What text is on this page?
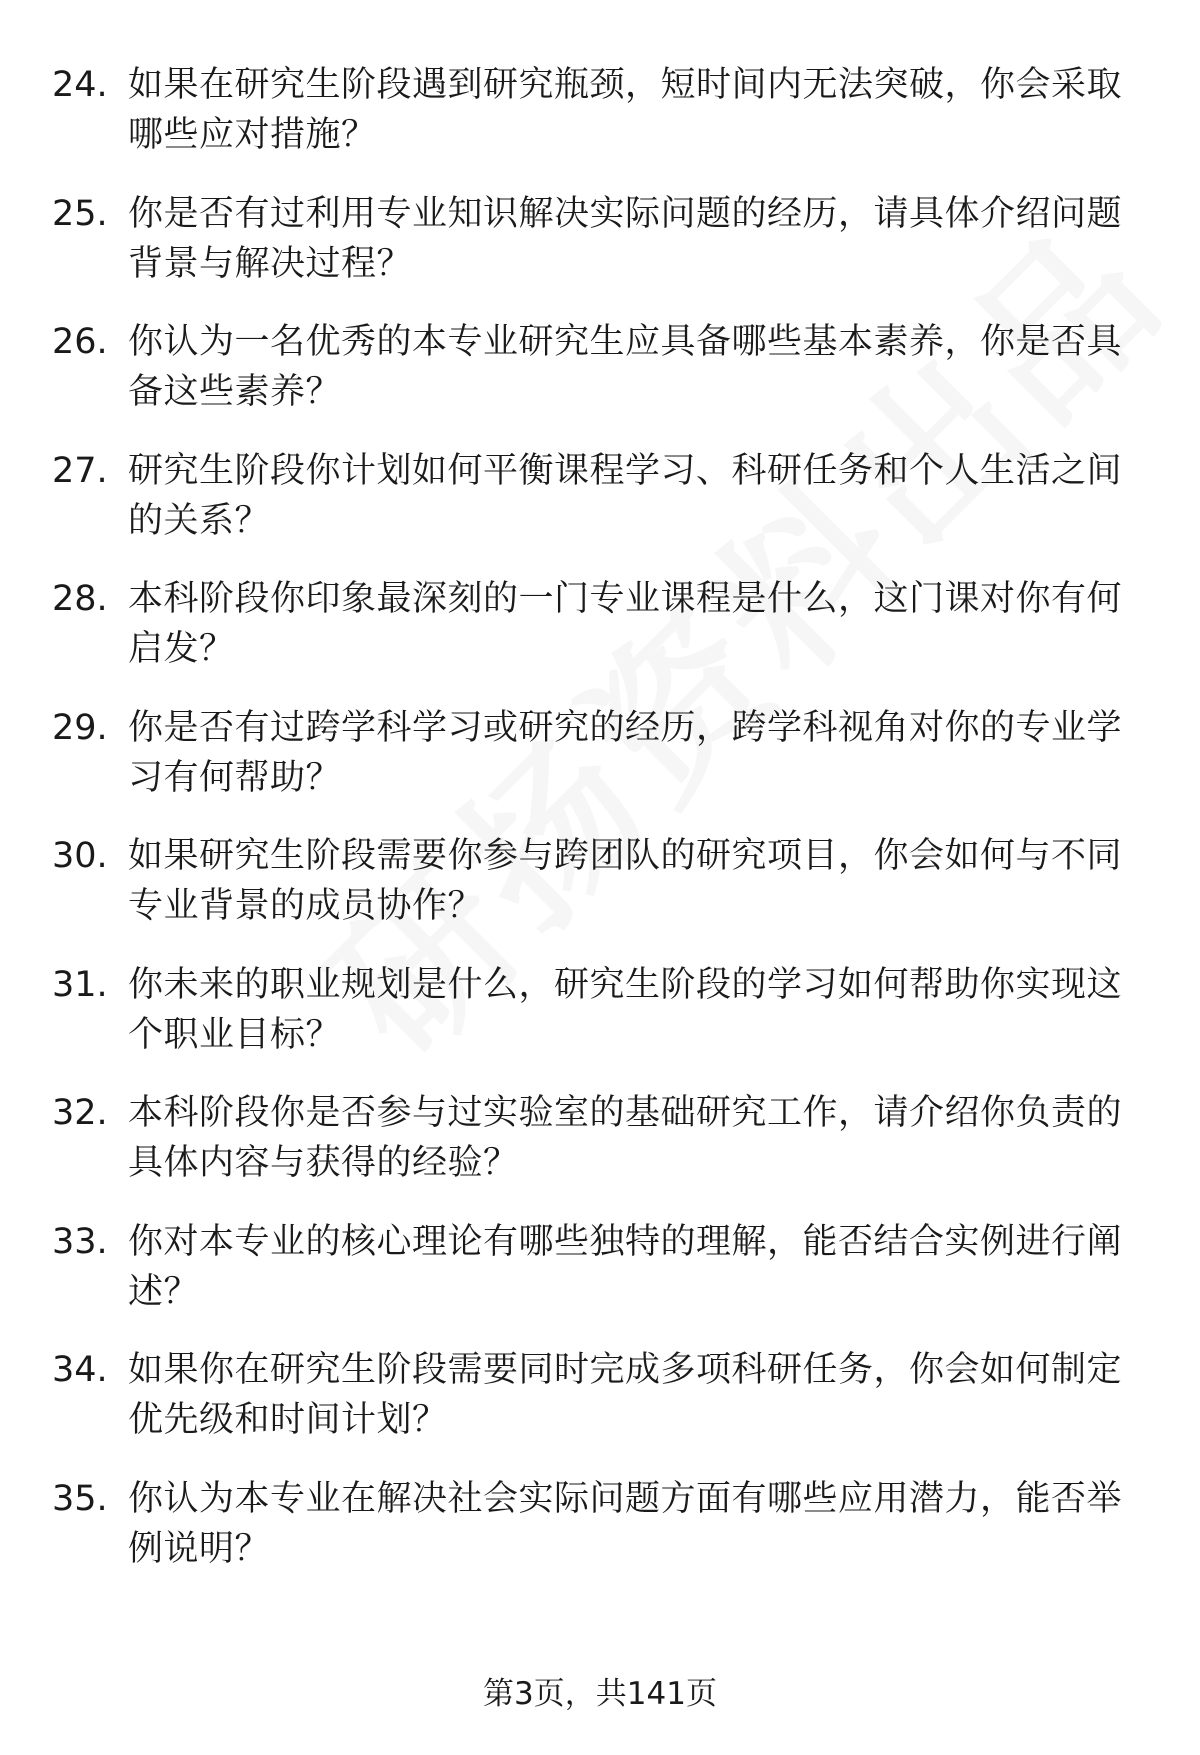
24. 如果在研究生阶段遇到研究瓶颈，短时间内无法突破，你会采取哪些应对措施？
25. 你是否有过利用专业知识解决实际问题的经历，请具体介绍问题背景与解决过程？
26. 你认为一名优秀的本专业研究生应具备哪些基本素养，你是否具备这些素养？
27. 研究生阶段你计划如何平衡课程学习、科研任务和个人生活之间的关系？
28. 本科阶段你印象最深刻的一门专业课程是什么，这门课对你有何启发？
29. 你是否有过跨学科学习或研究的经历，跨学科视角对你的专业学习有何帮助？
30. 如果研究生阶段需要你参与跨团队的研究项目，你会如何与不同专业背景的成员协作？
31. 你未来的职业规划是什么，研究生阶段的学习如何帮助你实现这个职业目标？
32. 本科阶段你是否参与过实验室的基础研究工作，请介绍你负责的具体内容与获得的经验？
33. 你对本专业的核心理论有哪些独特的理解，能否结合实例进行阐述？
34. 如果你在研究生阶段需要同时完成多项科研任务，你会如何制定优先级和时间计划？
35. 你认为本专业在解决社会实际问题方面有哪些应用潜力，能否举例说明？
第3页，共141页
